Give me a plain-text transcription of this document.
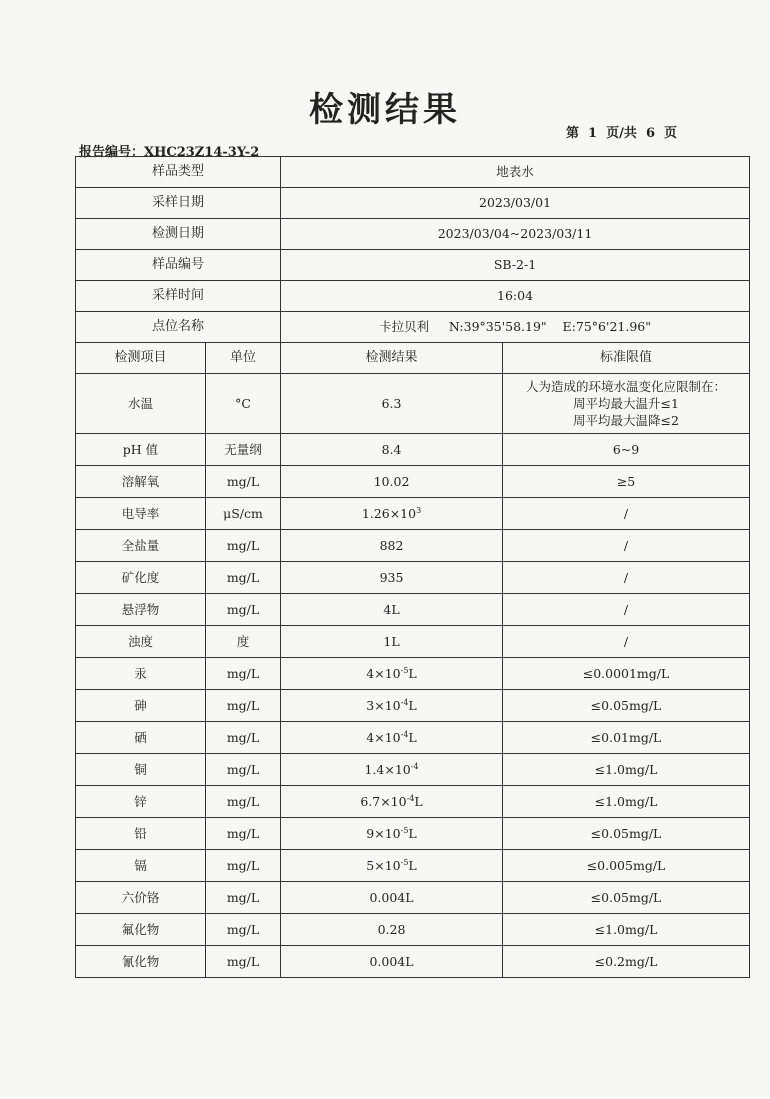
检测结果
第  1  页/共  6  页
报告编号：XHC23Z14-3Y-2
样品类型		地表水	
采样日期		2023/03/01	
检测日期		2023/03/04~2023/03/11	
样品编号		SB-2-1	
采样时间		16:04	
点位名称		卡拉贝利     N:39°35'58.19"    E:75°6'21.96"	
检测项目	单位	检测结果	标准限值
水温	°C	6.3	人为造成的环境水温变化应限制在：
周平均最大温升≤1
周平均最大温降≤2

pH 值	无量纲	8.4	6~9
溶解氧	mg/L	10.02	≥5
电导率	μS/cm	$1.26\times 10^3$	/
全盐量	mg/L	882	/
矿化度	mg/L	935	/
悬浮物	mg/L	4L	/
浊度	度	1L	/
汞	mg/L	$4\times 10^{-5}L$	≤0.0001mg/L
砷	mg/L	$3\times 10^{-4}L$	≤0.05mg/L
硒	mg/L	$4\times 10^{-4}L$	≤0.01mg/L
铜	mg/L	$1.4\times 10^{-4}$	≤1.0mg/L
锌	mg/L	$6.7\times 10^{-4}L$	≤1.0mg/L
铅	mg/L	$9\times 10^{-5}L$	≤0.05mg/L
镉	mg/L	$5\times 10^{-5}L$	≤0.005mg/L
六价铬	mg/L	0.004L	≤0.05mg/L
氟化物	mg/L	0.28	≤1.0mg/L
氰化物	mg/L	0.004L	≤0.2mg/L
